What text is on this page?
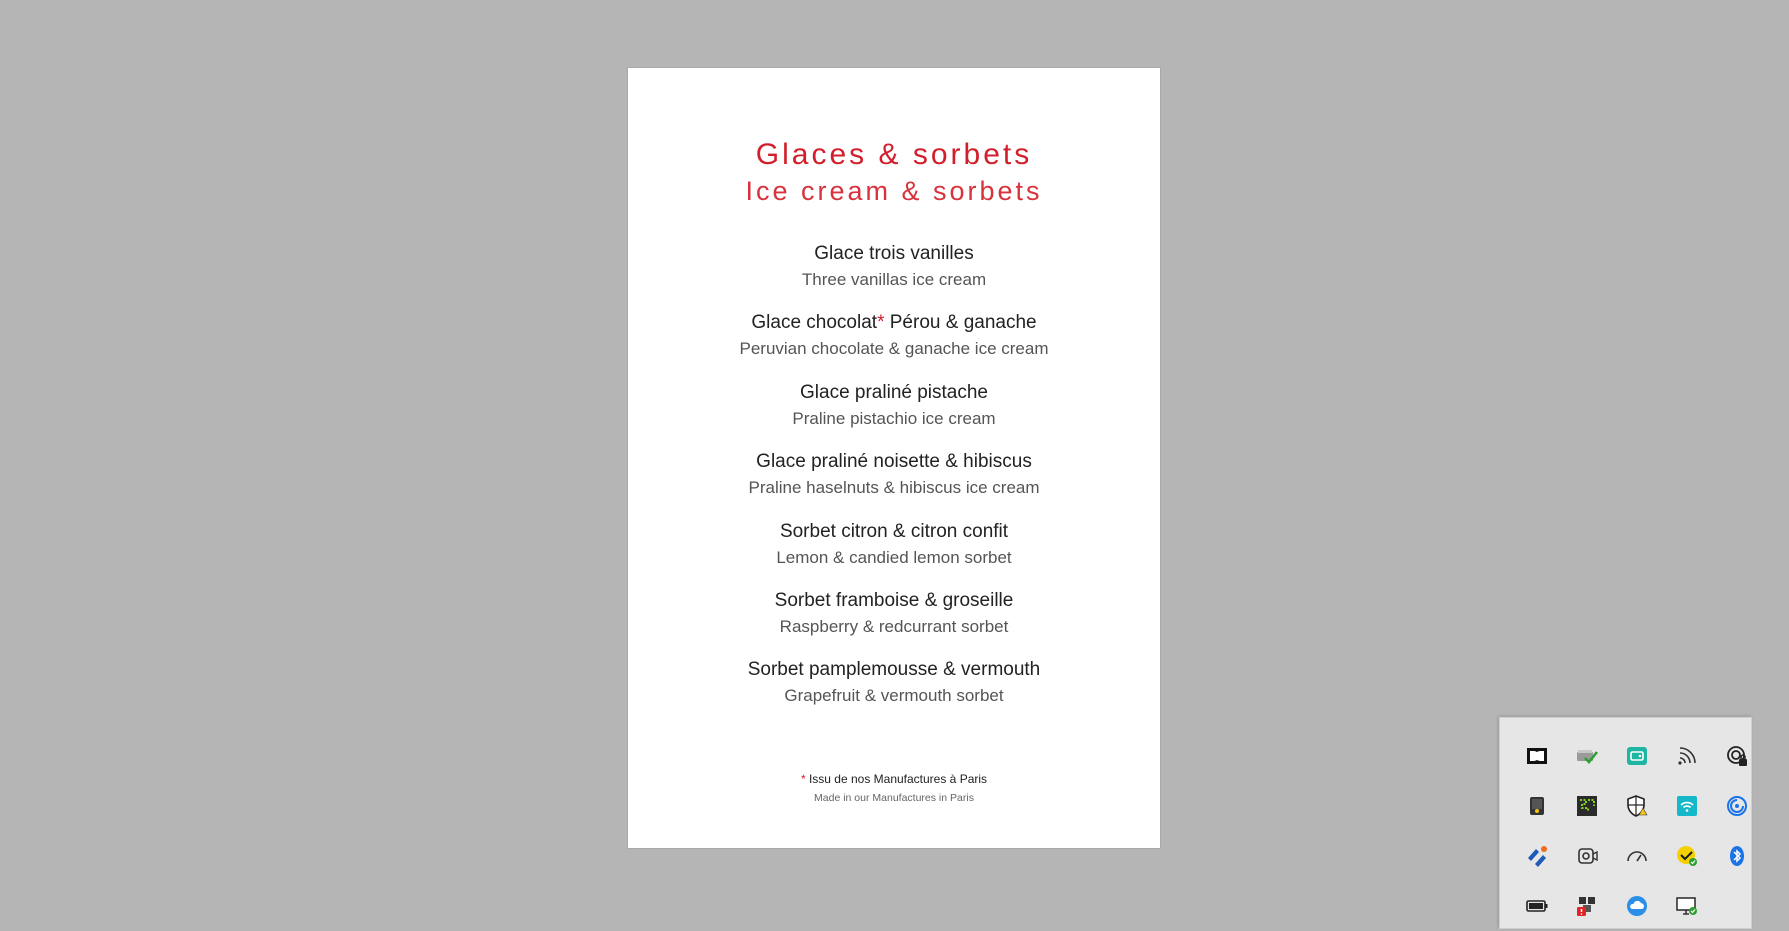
Glaces & sorbets
Ice cream & sorbets
Glace trois vanilles
Three vanillas ice cream
Glace chocolat* Pérou & ganache
Peruvian chocolate & ganache ice cream
Glace praliné pistache
Praline pistachio ice cream
Glace praliné noisette & hibiscus
Praline haselnuts & hibiscus ice cream
Sorbet citron & citron confit
Lemon & candied lemon sorbet
Sorbet framboise & groseille
Raspberry & redcurrant sorbet
Sorbet pamplemousse & vermouth
Grapefruit & vermouth sorbet
* Issu de nos Manufactures à Paris
Made in our Manufactures in Paris
